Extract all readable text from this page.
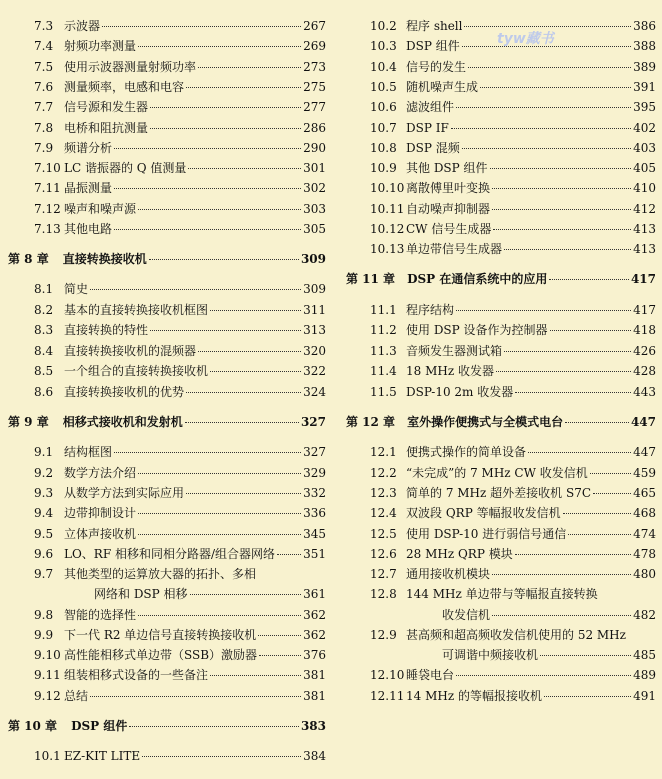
7.3 示波器	267
7.4 射频功率测量	269
7.5 使用示波器测量射频功率	273
7.6 测量频率，电感和电容	275
7.7 信号源和发生器	277
7.8 电桥和阻抗测量	286
7.9 频谱分析	290
7.10 LC 谐振器的 Q 值测量	301
7.11 晶振测量	302
7.12 噪声和噪声源	303
7.13 其他电路	305
第 8 章 直接转换接收机	309
8.1 简史	309
8.2 基本的直接转换接收机框图	311
8.3 直接转换的特性	313
8.4 直接转换接收机的混频器	320
8.5 一个组合的直接转换接收机	322
8.6 直接转换接收机的优势	324
第 9 章 相移式接收机和发射机	327
9.1 结构框图	327
9.2 数学方法介绍	329
9.3 从数学方法到实际应用	332
9.4 边带抑制设计	336
9.5 立体声接收机	345
9.6 LO、RF 相移和同相分路器/组合器网络 351
9.7 其他类型的运算放大器的拓扑、多相
网络和 DSP 相移	361
9.8 智能的选择性	362
9.9 下一代 R2 单边信号直接转换接收机	362
9.10 高性能相移式单边带（SSB）激励器	376
9.11 组装相移式设备的一些备注	381
9.12 总结	381
第 10 章 DSP 组件	383
10.1 EZ-KIT LITE	384
10.2 程序 shell	386
10.3 DSP 组件	388
10.4 信号的发生	389
10.5 随机噪声生成	391
10.6 滤波组件	395
10.7 DSP IF	402
10.8 DSP 混频	403
10.9 其他 DSP 组件	405
10.10 离散傅里叶变换	410
10.11 自动噪声抑制器	412
10.12 CW 信号生成器	413
10.13 单边带信号生成器	413
第 11 章 DSP 在通信系统中的应用	417
11.1 程序结构	417
11.2 使用 DSP 设备作为控制器	418
11.3 音频发生器测试箱	426
11.4 18 MHz 收发器	428
11.5 DSP-10 2m 收发器	443
第 12 章 室外操作便携式与全模式电台	447
12.1 便携式操作的简单设备	447
12.2 “未完成”的 7 MHz CW 收发信机	459
12.3 简单的 7 MHz 超外差接收机 S7C	465
12.4 双波段 QRP 等幅报收发信机	468
12.5 使用 DSP-10 进行弱信号通信	474
12.6 28 MHz QRP 模块	478
12.7 通用接收机模块	480
12.8 144 MHz 单边带与等幅报直接转换
收发信机	482
12.9 甚高频和超高频收发信机使用的 52 MHz
可调谐中频接收机	485
12.10 睡袋电台	489
12.11 14 MHz 的等幅报接收机	491
tyw藏书
